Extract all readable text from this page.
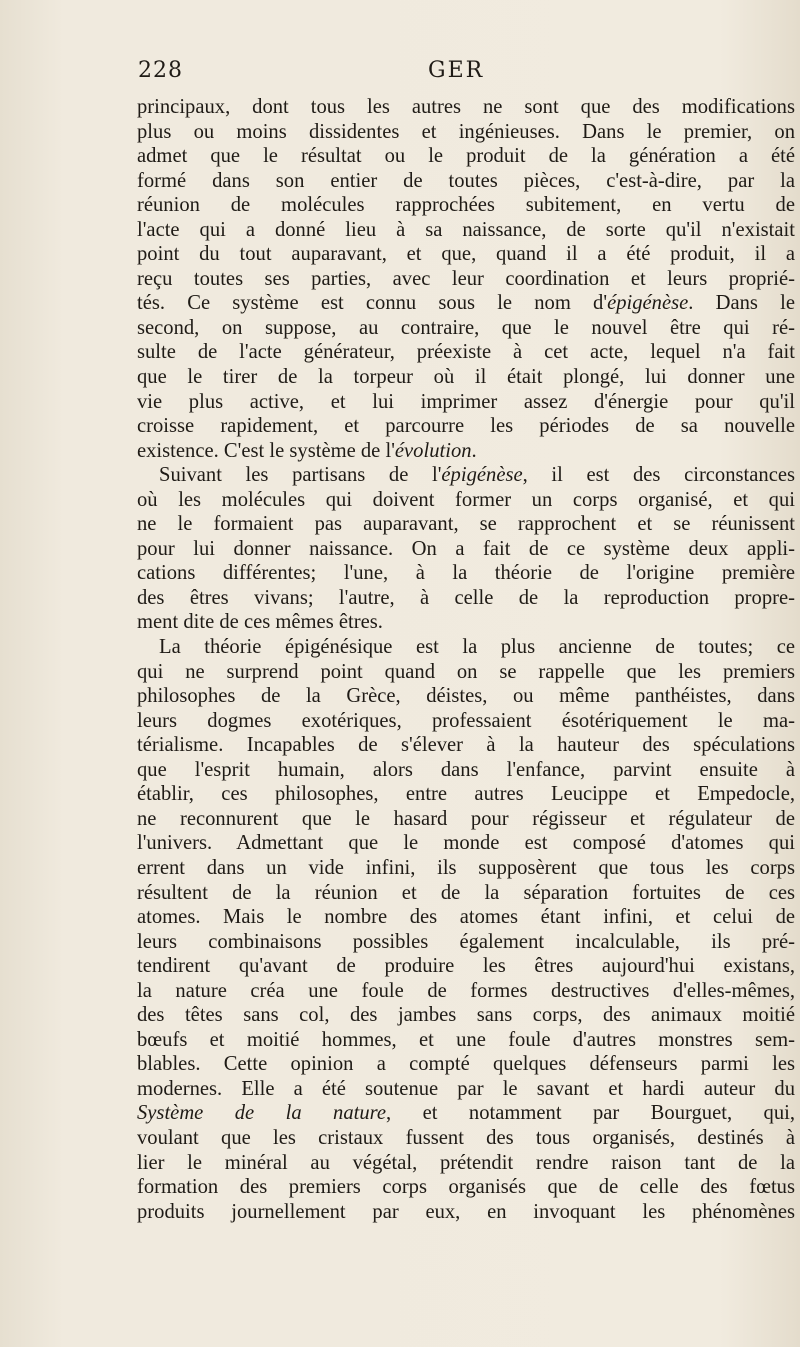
228	GER
principaux, dont tous les autres ne sont que des modifications
plus ou moins dissidentes et ingénieuses. Dans le premier, on
admet que le résultat ou le produit de la génération a été
formé dans son entier de toutes pièces, c'est-à-dire, par la
réunion de molécules rapprochées subitement, en vertu de
l'acte qui a donné lieu à sa naissance, de sorte qu'il n'existait
point du tout auparavant, et que, quand il a été produit, il a
reçu toutes ses parties, avec leur coordination et leurs proprié-
tés. Ce système est connu sous le nom d'épigénèse. Dans le
second, on suppose, au contraire, que le nouvel être qui ré-
sulte de l'acte générateur, préexiste à cet acte, lequel n'a fait
que le tirer de la torpeur où il était plongé, lui donner une
vie plus active, et lui imprimer assez d'énergie pour qu'il
croisse rapidement, et parcourre les périodes de sa nouvelle
existence. C'est le système de l'évolution.
Suivant les partisans de l'épigénèse, il est des circonstances
où les molécules qui doivent former un corps organisé, et qui
ne le formaient pas auparavant, se rapprochent et se réunissent
pour lui donner naissance. On a fait de ce système deux appli-
cations différentes; l'une, à la théorie de l'origine première
des êtres vivans; l'autre, à celle de la reproduction propre-
ment dite de ces mêmes êtres.
La théorie épigénésique est la plus ancienne de toutes; ce
qui ne surprend point quand on se rappelle que les premiers
philosophes de la Grèce, déistes, ou même panthéistes, dans
leurs dogmes exotériques, professaient ésotériquement le ma-
térialisme. Incapables de s'élever à la hauteur des spéculations
que l'esprit humain, alors dans l'enfance, parvint ensuite à
établir, ces philosophes, entre autres Leucippe et Empedocle,
ne reconnurent que le hasard pour régisseur et régulateur de
l'univers. Admettant que le monde est composé d'atomes qui
errent dans un vide infini, ils supposèrent que tous les corps
résultent de la réunion et de la séparation fortuites de ces
atomes. Mais le nombre des atomes étant infini, et celui de
leurs combinaisons possibles également incalculable, ils pré-
tendirent qu'avant de produire les êtres aujourd'hui existans,
la nature créa une foule de formes destructives d'elles-mêmes,
des têtes sans col, des jambes sans corps, des animaux moitié
bœufs et moitié hommes, et une foule d'autres monstres sem-
blables. Cette opinion a compté quelques défenseurs parmi les
modernes. Elle a été soutenue par le savant et hardi auteur du
Système de la nature, et notamment par Bourguet, qui,
voulant que les cristaux fussent des tous organisés, destinés à
lier le minéral au végétal, prétendit rendre raison tant de la
formation des premiers corps organisés que de celle des fœtus
produits journellement par eux, en invoquant les phénomènes
